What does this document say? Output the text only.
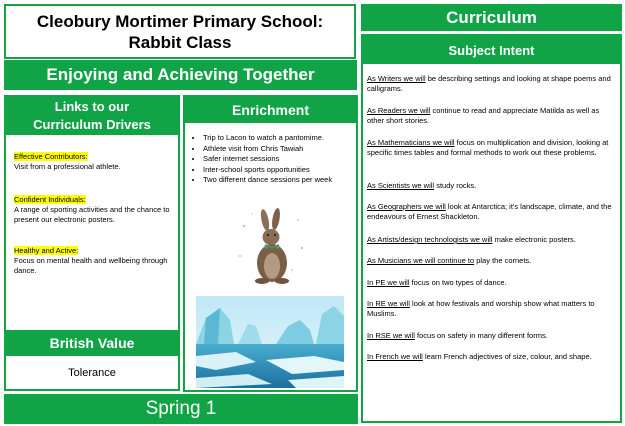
Cleobury Mortimer Primary School:
Rabbit Class
Enjoying and Achieving Together
Links to our
Curriculum Drivers
Effective Contributors:
Visit from a professional athlete.
Confident Individuals:
A range of sporting activities and the chance to present our electronic posters.
Healthy and Active:
Focus on mental health and wellbeing through dance.
British Value
Tolerance
Spring 1
Enrichment
• Trip to Lacon to watch a pantomime.
• Athlete visit from Chris Tawiah
• Safer internet sessions
• Inter-school sports opportunities
• Two different dance sessions per week
Curriculum
Subject Intent
As Writers we will be describing settings and looking at shape poems and calligrams.
As Readers we will continue to read and appreciate Matilda as well as other short stories.
As Mathematicians we will focus on multiplication and division, looking at specific times tables and formal methods to work out these problems.
As Scientists we will study rocks.
As Geographers we will look at Antarctica; it's landscape, climate, and the endeavours of Ernest Shackleton.
As Artists/design technologists we will make electronic posters.
As Musicians we will continue to play the cornets.
In PE we will focus on two types of dance.
In RE we will look at how festivals and worship show what matters to Muslims.
In RSE we will focus on safety in many different forms.
In French we will learn French adjectives of size, colour, and shape.
